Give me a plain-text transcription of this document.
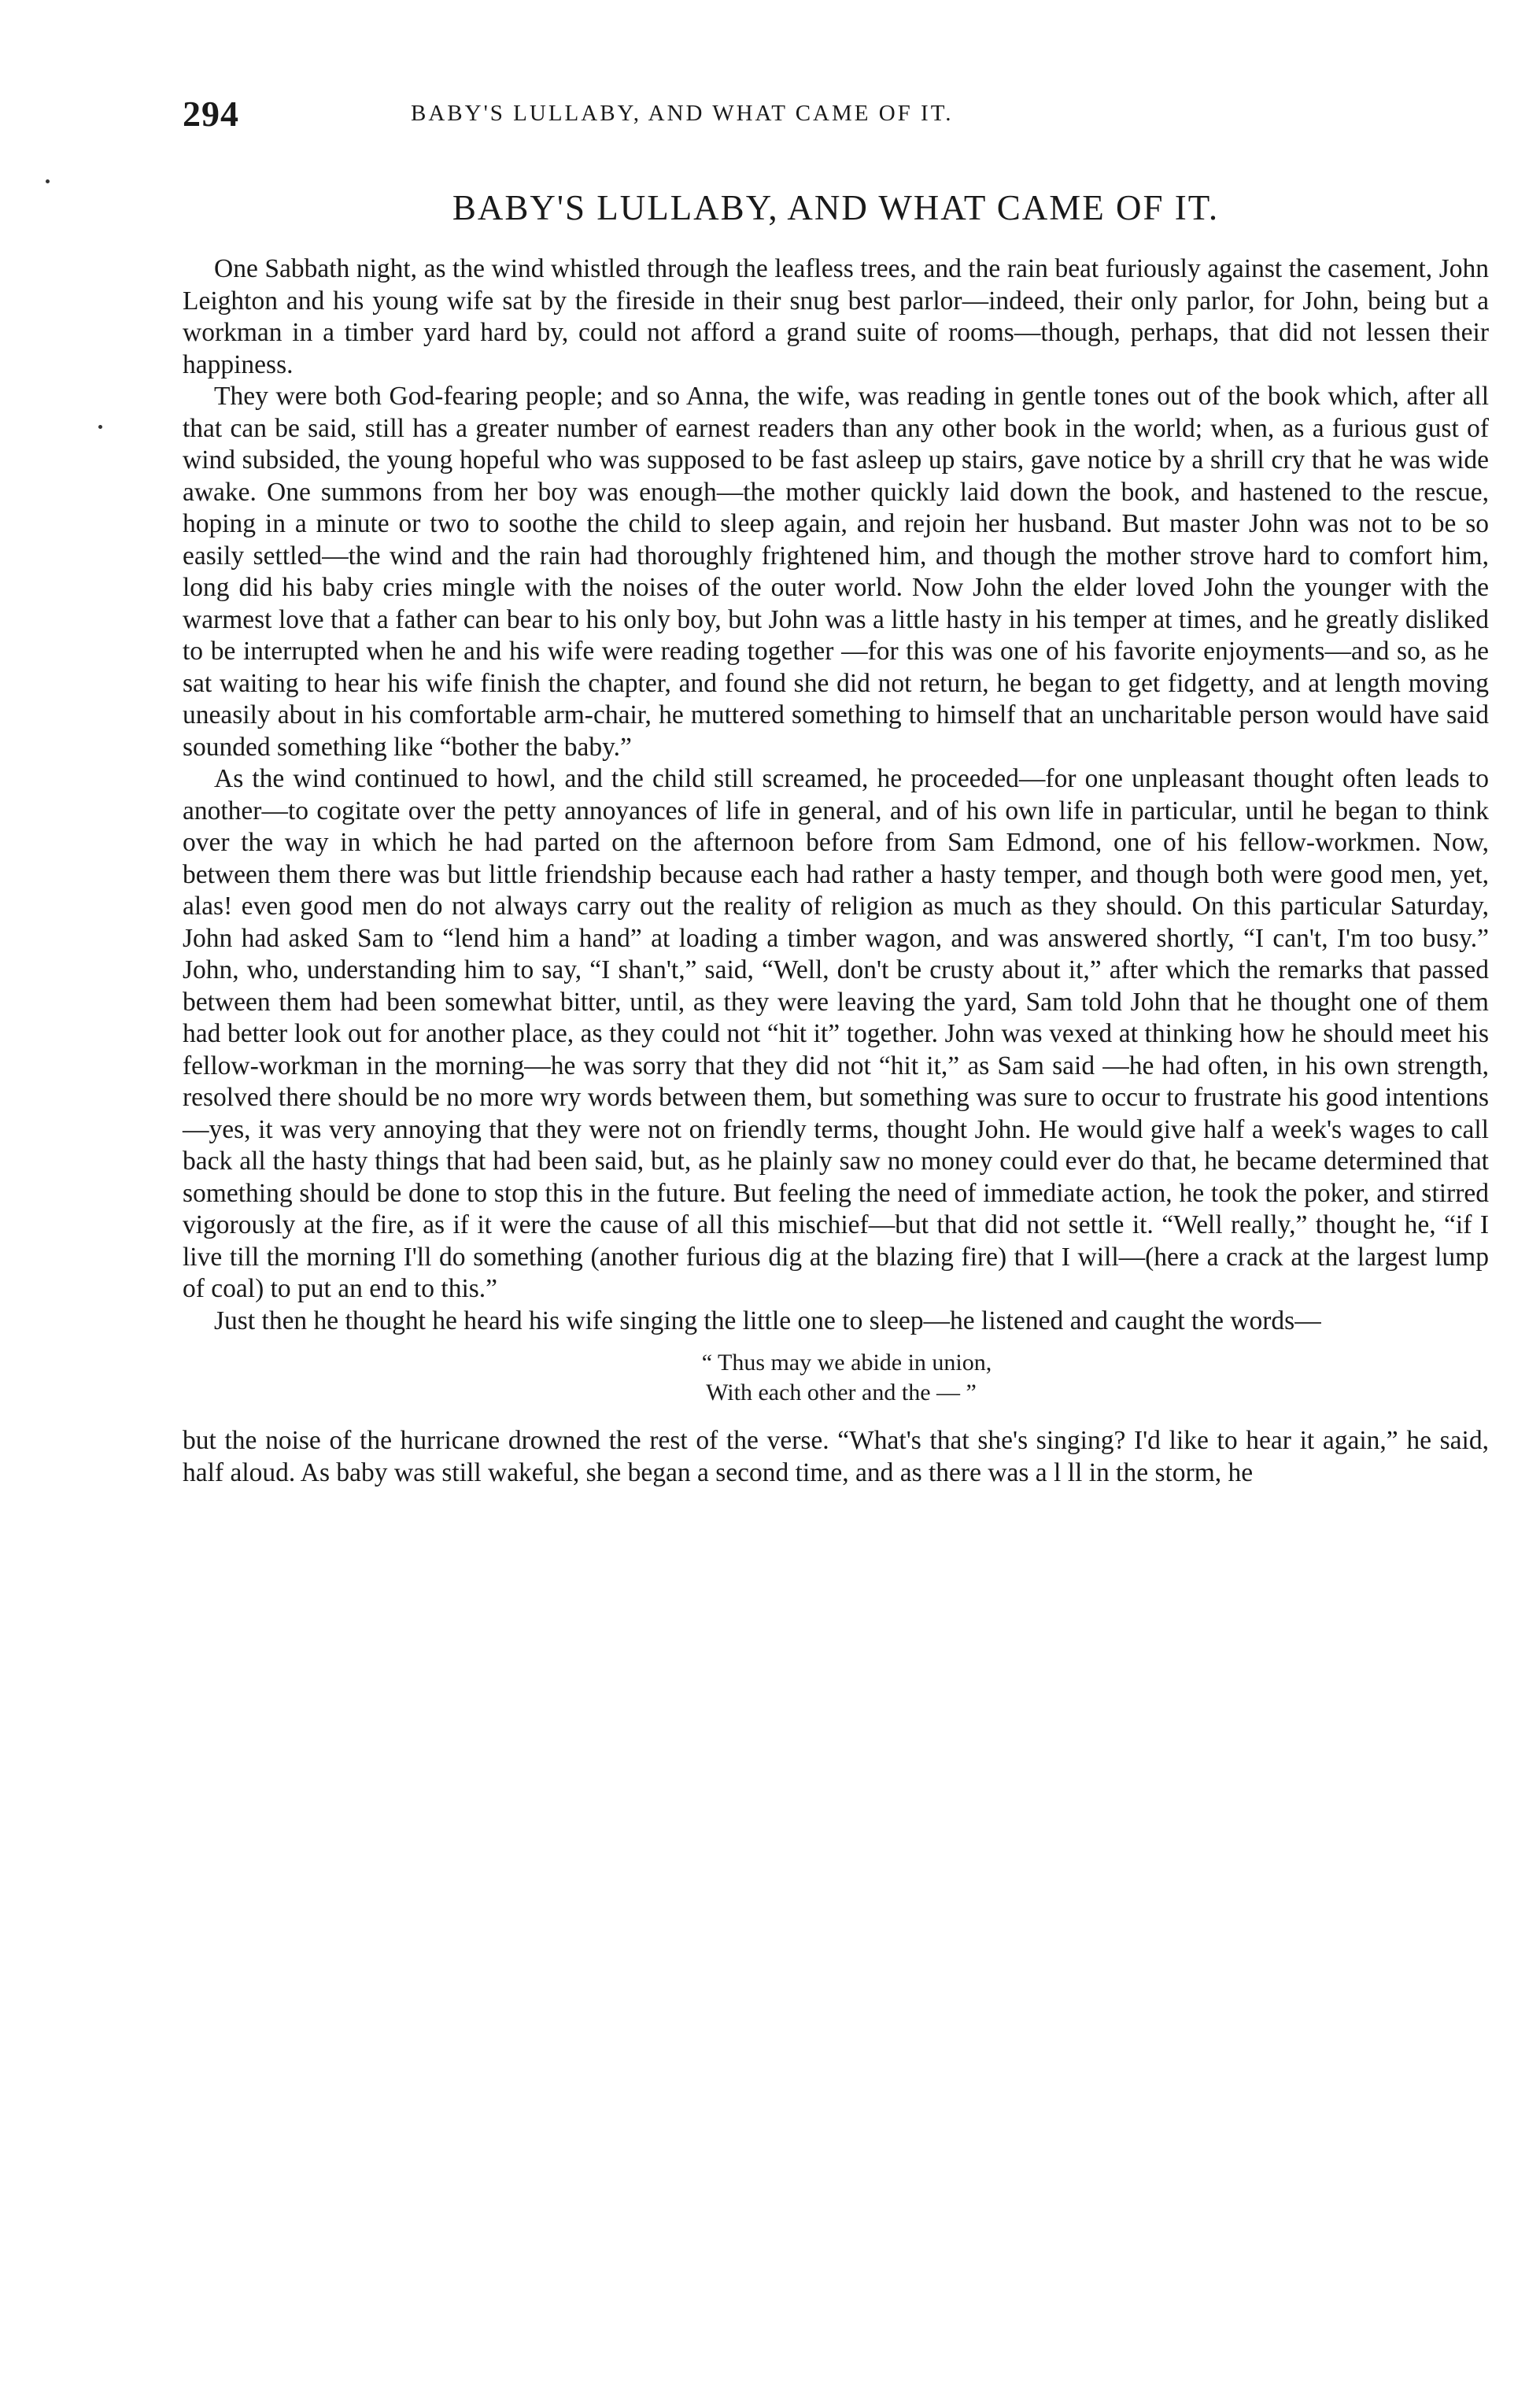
294	BABY'S LULLABY, AND WHAT CAME OF IT.
BABY'S LULLABY, AND WHAT CAME OF IT.

One Sabbath night, as the wind whistled through the leafless trees, and the rain beat furiously against the casement, John Leighton and his young wife sat by the fireside in their snug best parlor—indeed, their only parlor, for John, being but a workman in a timber yard hard by, could not afford a grand suite of rooms—though, perhaps, that did not lessen their happiness.

They were both God-fearing people; and so Anna, the wife, was reading in gentle tones out of the book which, after all that can be said, still has a greater number of earnest readers than any other book in the world; when, as a furious gust of wind subsided, the young hopeful who was supposed to be fast asleep up stairs, gave notice by a shrill cry that he was wide awake. One summons from her boy was enough—the mother quickly laid down the book, and hastened to the rescue, hoping in a minute or two to soothe the child to sleep again, and rejoin her husband. But master John was not to be so easily settled—the wind and the rain had thoroughly frightened him, and though the mother strove hard to comfort him, long did his baby cries mingle with the noises of the outer world. Now John the elder loved John the younger with the warmest love that a father can bear to his only boy, but John was a little hasty in his temper at times, and he greatly disliked to be interrupted when he and his wife were reading together —for this was one of his favorite enjoyments—and so, as he sat waiting to hear his wife finish the chapter, and found she did not return, he began to get fidgetty, and at length moving uneasily about in his comfortable arm-chair, he muttered something to himself that an uncharitable person would have said sounded something like “bother the baby.”

As the wind continued to howl, and the child still screamed, he proceeded—for one unpleasant thought often leads to another—to cogitate over the petty annoyances of life in general, and of his own life in particular, until he began to think over the way in which he had parted on the afternoon before from Sam Edmond, one of his fellow-workmen. Now, between them there was but little friendship because each had rather a hasty temper, and though both were good men, yet, alas! even good men do not always carry out the reality of religion as much as they should. On this particular Saturday, John had asked Sam to “lend him a hand” at loading a timber wagon, and was answered shortly, “I can't, I'm too busy.” John, who, understanding him to say, “I shan't,” said, “Well, don't be crusty about it,” after which the remarks that passed between them had been somewhat bitter, until, as they were leaving the yard, Sam told John that he thought one of them had better look out for another place, as they could not “hit it” together. John was vexed at thinking how he should meet his fellow-workman in the morning—he was sorry that they did not “hit it,” as Sam said —he had often, in his own strength, resolved there should be no more wry words between them, but something was sure to occur to frustrate his good intentions —yes, it was very annoying that they were not on friendly terms, thought John. He would give half a week's wages to call back all the hasty things that had been said, but, as he plainly saw no money could ever do that, he became determined that something should be done to stop this in the future. But feeling the need of immediate action, he took the poker, and stirred vigorously at the fire, as if it were the cause of all this mischief—but that did not settle it. “Well really,” thought he, “if I live till the morning I'll do something (another furious dig at the blazing fire) that I will—(here a crack at the largest lump of coal) to put an end to this.”

Just then he thought he heard his wife singing the little one to sleep—he listened and caught the words—

“ Thus may we abide in union,
With each other and the — ”

but the noise of the hurricane drowned the rest of the verse. “What's that she's singing? I'd like to hear it again,” he said, half aloud. As baby was still wakeful, she began a second time, and as there was a l ll in the storm, he
